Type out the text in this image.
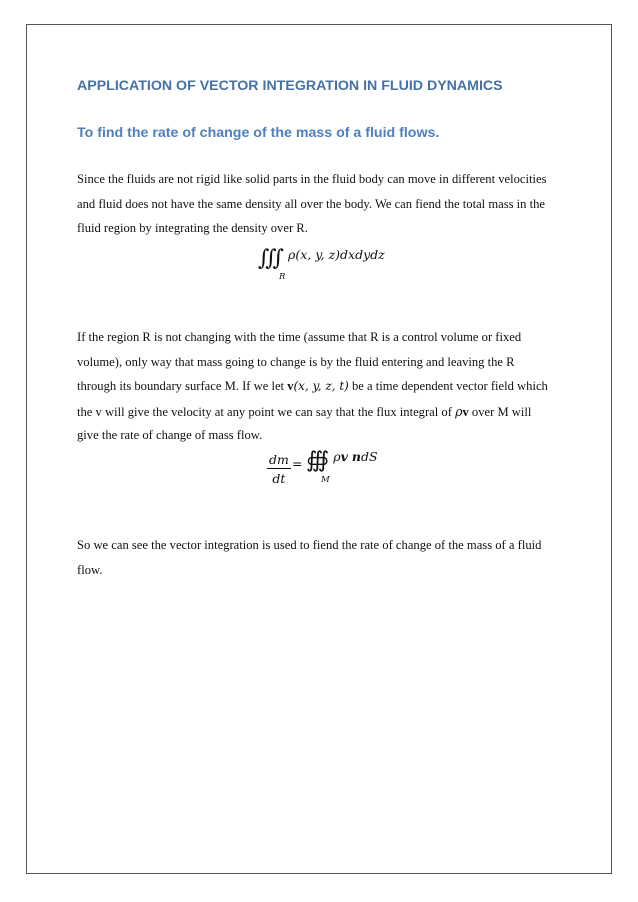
APPLICATION OF VECTOR INTEGRATION IN FLUID DYNAMICS
To find the rate of change of the mass of a fluid flows.

Since the fluids are not rigid like solid parts in the fluid body can move in different velocities
and fluid does not have the same density all over the body. We can fiend the total mass in the
fluid region by integrating the density over R.

∭ ρ(x, y, z)dxdydz
R

If the region R is not changing with the time (assume that R is a control volume or fixed
volume), only way that mass going to change is by the fluid entering and leaving the R
through its boundary surface M. If we let v(x, y, z, t) be a time dependent vector field which
the v will give the velocity at any point we can say that the flux integral of ρv over M will
give the rate of change of mass flow.

$\frac{dm}{dt}$ = ∰
M
ρv ndS

So we can see the vector integration is used to fiend the rate of change of the mass of a fluid
flow.
